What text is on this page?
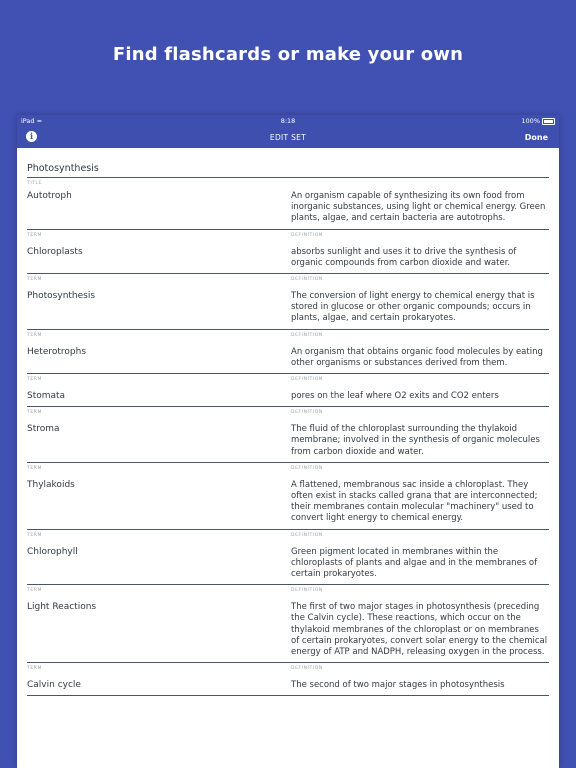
Find flashcards or make your own
iPad ≈	8:18	100%
i	EDIT SET	Done
Photosynthesis
TITLE
Autotroph	An organism capable of synthesizing its own food from inorganic substances, using light or chemical energy. Green plants, algae, and certain bacteria are autotrophs.
TERM	DEFINITION
Chloroplasts	absorbs sunlight and uses it to drive the synthesis of organic compounds from carbon dioxide and water.
TERM	DEFINITION
Photosynthesis	The conversion of light energy to chemical energy that is stored in glucose or other organic compounds; occurs in plants, algae, and certain prokaryotes.
TERM	DEFINITION
Heterotrophs	An organism that obtains organic food molecules by eating other organisms or substances derived from them.
TERM	DEFINITION
Stomata	pores on the leaf where O2 exits and CO2 enters
TERM	DEFINITION
Stroma	The fluid of the chloroplast surrounding the thylakoid membrane; involved in the synthesis of organic molecules from carbon dioxide and water.
TERM	DEFINITION
Thylakoids	A flattened, membranous sac inside a chloroplast. They often exist in stacks called grana that are interconnected; their membranes contain molecular "machinery" used to convert light energy to chemical energy.
TERM	DEFINITION
Chlorophyll	Green pigment located in membranes within the chloroplasts of plants and algae and in the membranes of certain prokaryotes.
TERM	DEFINITION
Light Reactions	The first of two major stages in photosynthesis (preceding the Calvin cycle). These reactions, which occur on the thylakoid membranes of the chloroplast or on membranes of certain prokaryotes, convert solar energy to the chemical energy of ATP and NADPH, releasing oxygen in the process.
TERM	DEFINITION
Calvin cycle	The second of two major stages in photosynthesis
